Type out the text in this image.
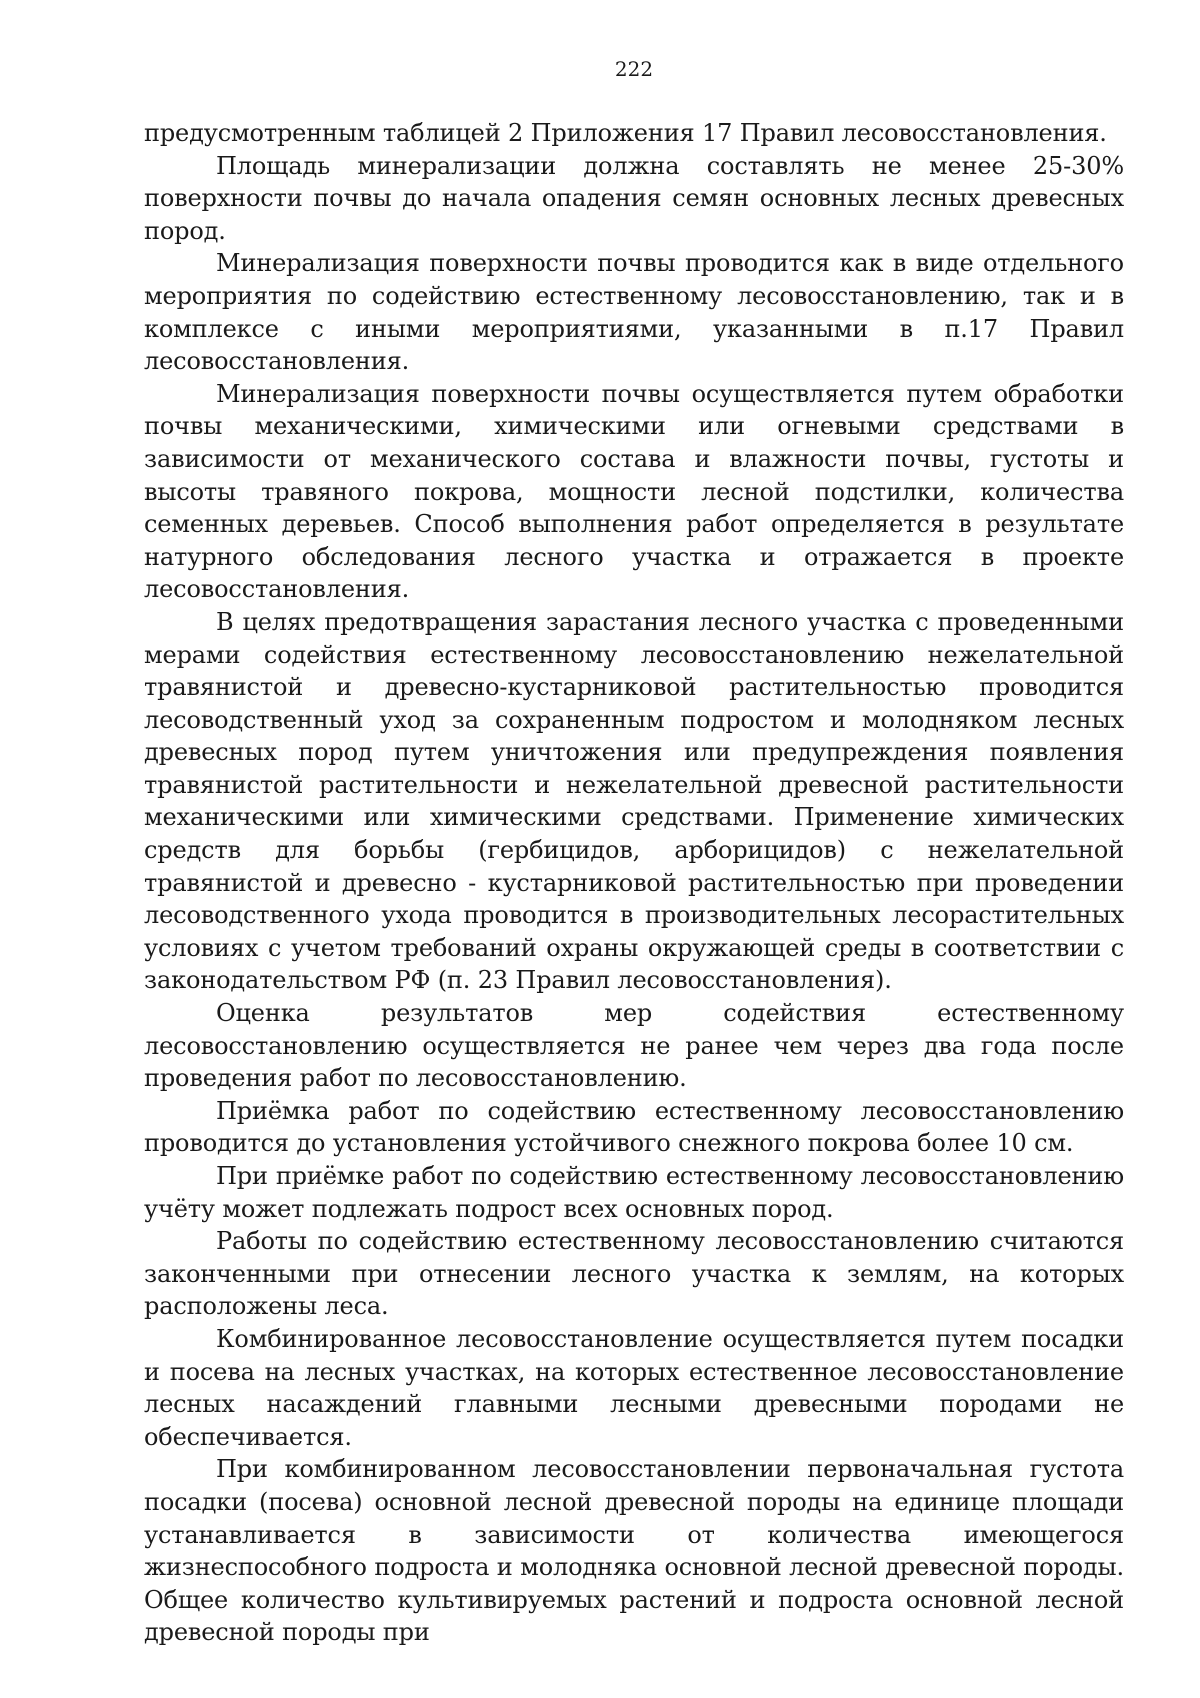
222

предусмотренным таблицей 2 Приложения 17 Правил лесовосстановления.

Площадь минерализации должна составлять не менее 25-30% поверхности почвы до начала опадения семян основных лесных древесных пород.

Минерализация поверхности почвы проводится как в виде отдельного мероприятия по содействию естественному лесовосстановлению, так и в комплексе с иными мероприятиями, указанными в п.17 Правил лесовосстановления.

Минерализация поверхности почвы осуществляется путем обработки почвы механическими, химическими или огневыми средствами в зависимости от механического состава и влажности почвы, густоты и высоты травяного покрова, мощности лесной подстилки, количества семенных деревьев. Способ выполнения работ определяется в результате натурного обследования лесного участка и отражается в проекте лесовосстановления.

В целях предотвращения зарастания лесного участка с проведенными мерами содействия естественному лесовосстановлению нежелательной травянистой и древесно-кустарниковой растительностью проводится лесоводственный уход за сохраненным подростом и молодняком лесных древесных пород путем уничтожения или предупреждения появления травянистой растительности и нежелательной древесной растительности механическими или химическими средствами. Применение химических средств для борьбы (гербицидов, арборицидов) с нежелательной травянистой и древесно - кустарниковой растительностью при проведении лесоводственного ухода проводится в производительных лесорастительных условиях с учетом требований охраны окружающей среды в соответствии с законодательством РФ (п. 23 Правил лесовосстановления).

Оценка результатов мер содействия естественному лесовосстановлению осуществляется не ранее чем через два года после проведения работ по лесовосстановлению.

Приёмка работ по содействию естественному лесовосстановлению проводится до установления устойчивого снежного покрова более 10 см.

При приёмке работ по содействию естественному лесовосстановлению учёту может подлежать подрост всех основных пород.

Работы по содействию естественному лесовосстановлению считаются законченными при отнесении лесного участка к землям, на которых расположены леса.

Комбинированное лесовосстановление осуществляется путем посадки и посева на лесных участках, на которых естественное лесовосстановление лесных насаждений главными лесными древесными породами не обеспечивается.

При комбинированном лесовосстановлении первоначальная густота посадки (посева) основной лесной древесной породы на единице площади устанавливается в зависимости от количества имеющегося жизнеспособного подроста и молодняка основной лесной древесной породы. Общее количество культивируемых растений и подроста основной лесной древесной породы при
